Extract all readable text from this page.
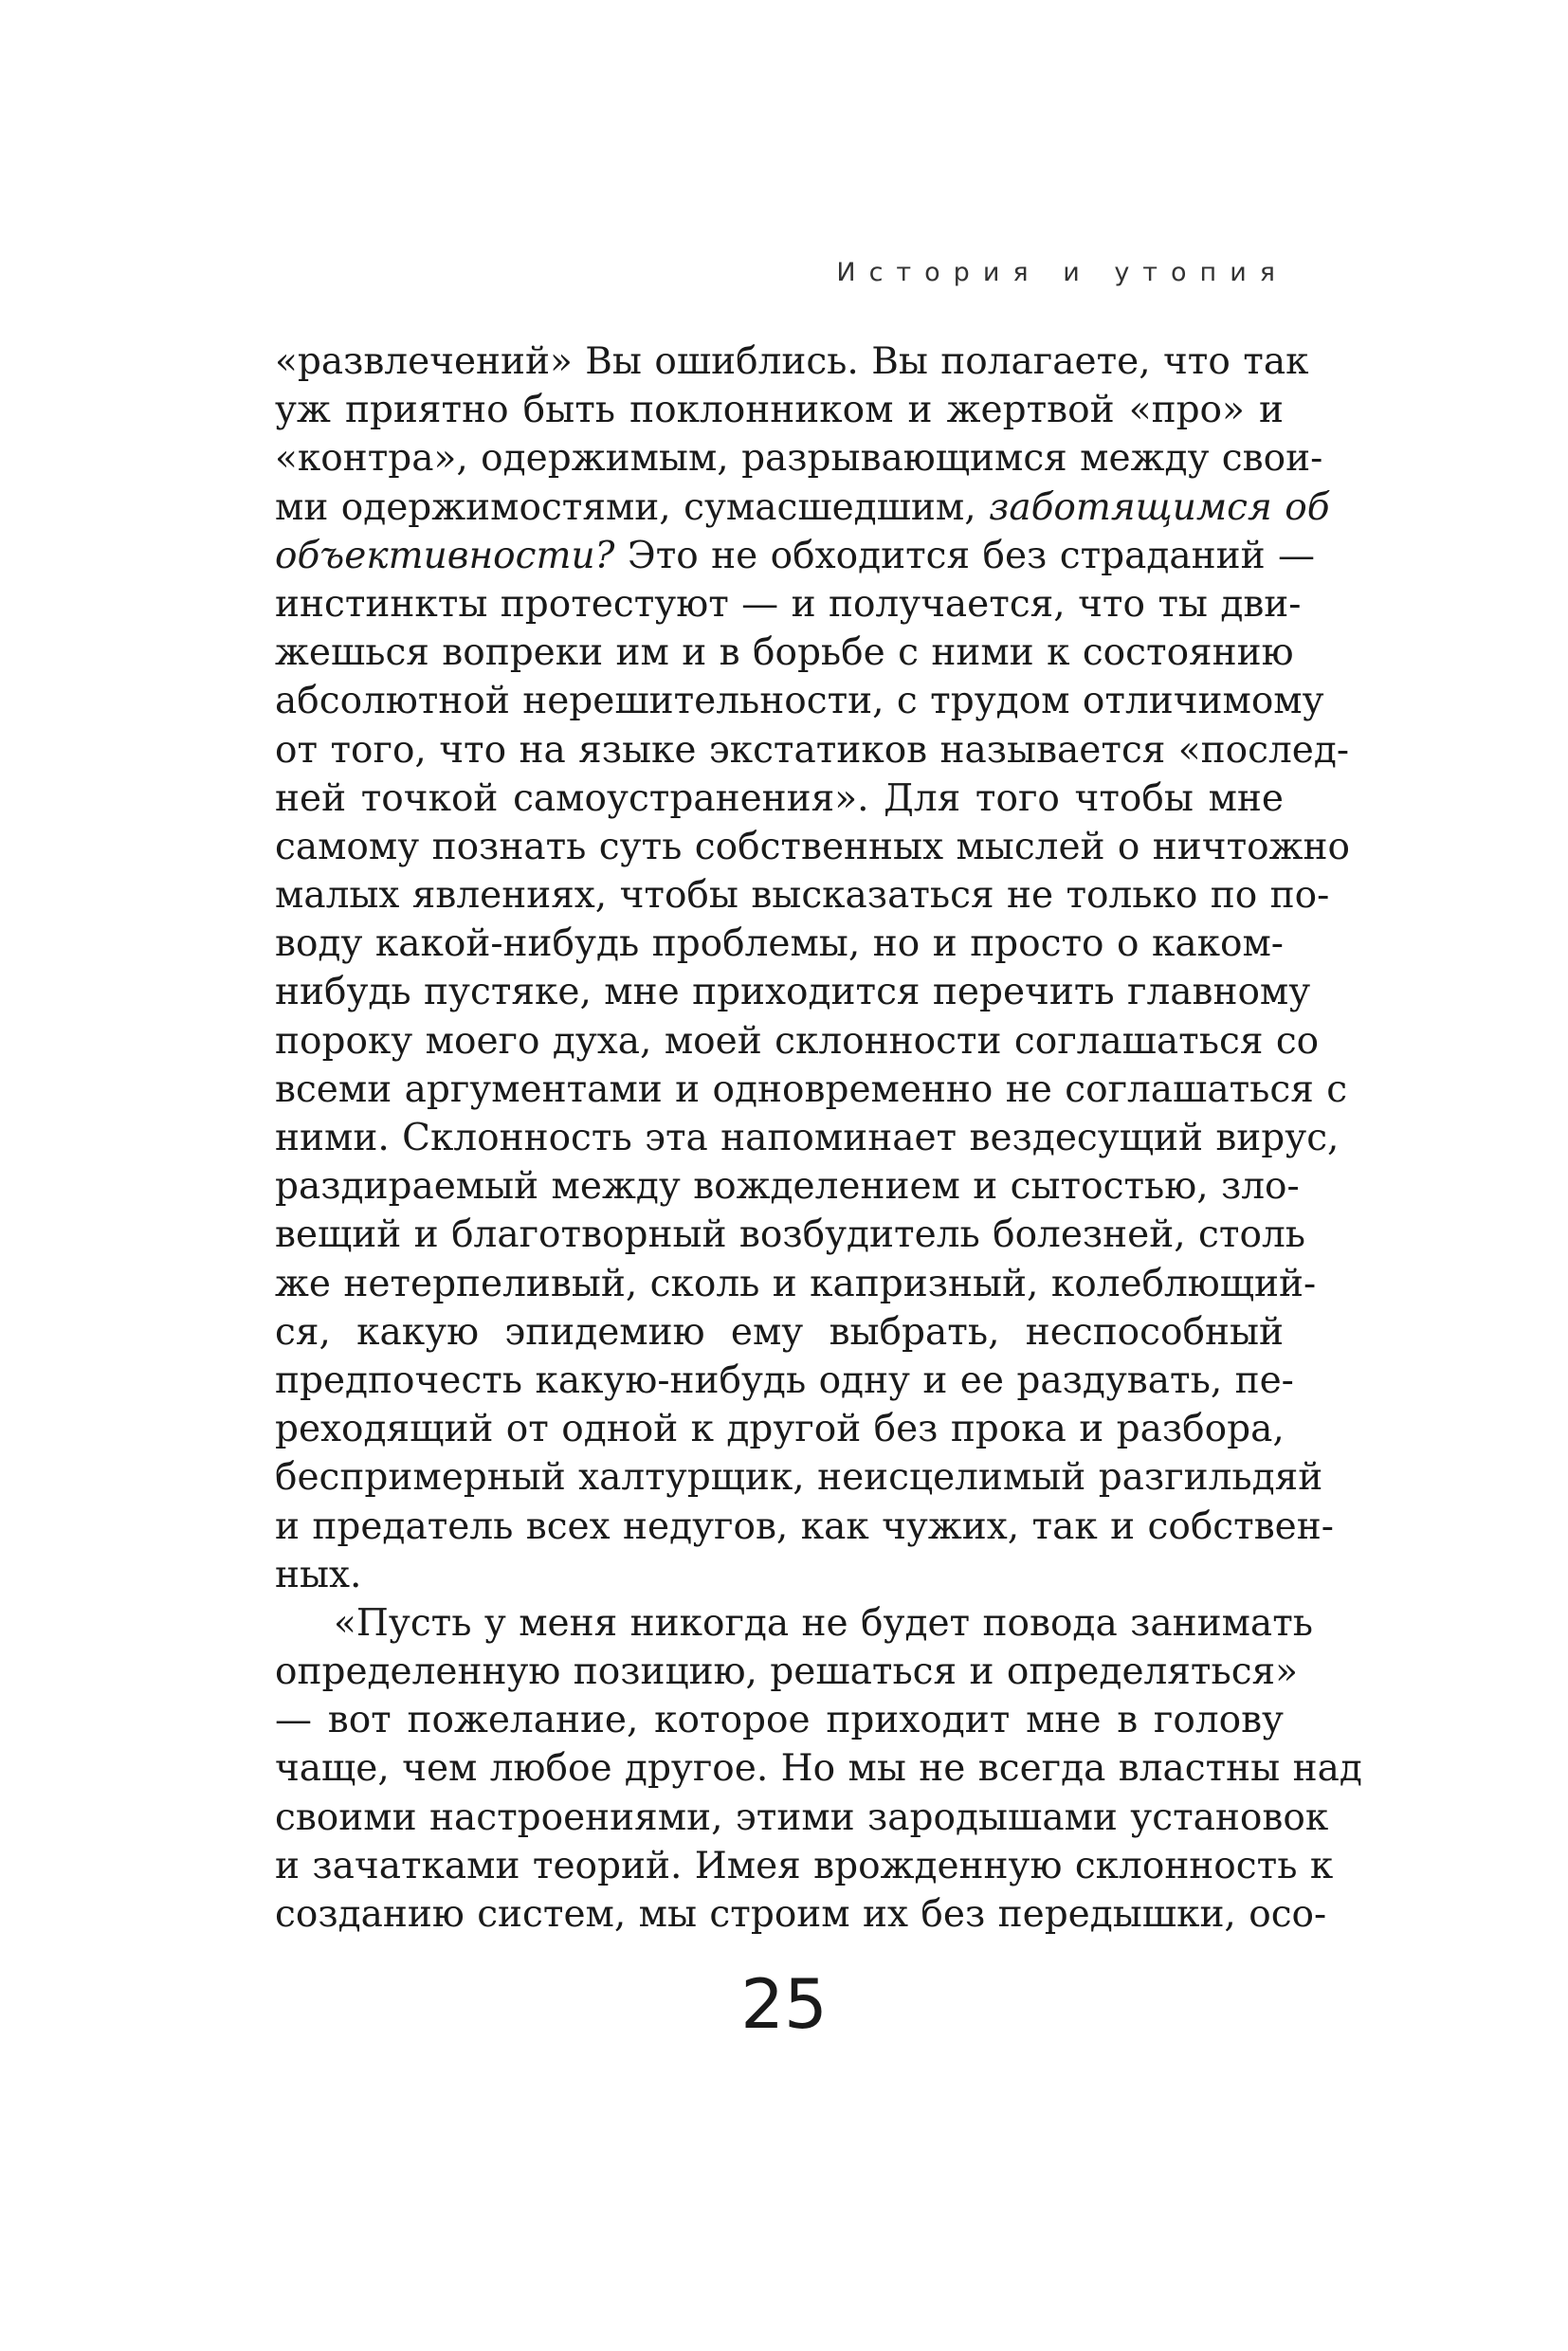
История и утопия
«развлечений» Вы ошиблись. Вы полагаете, что так
уж приятно быть поклонником и жертвой «про» и
«контра», одержимым, разрывающимся между свои-
ми одержимостями, сумасшедшим, заботящимся об
объективности? Это не обходится без страданий —
инстинкты протестуют — и получается, что ты дви-
жешься вопреки им и в борьбе с ними к состоянию
абсолютной нерешительности, с трудом отличимому
от того, что на языке экстатиков называется «послед-
ней точкой самоустранения». Для того чтобы мне
самому познать суть собственных мыслей о ничтожно
малых явлениях, чтобы высказаться не только по по-
воду какой-нибудь проблемы, но и просто о каком-
нибудь пустяке, мне приходится перечить главному
пороку моего духа, моей склонности соглашаться со
всеми аргументами и одновременно не соглашаться с
ними. Склонность эта напоминает вездесущий вирус,
раздираемый между вожделением и сытостью, зло-
вещий и благотворный возбудитель болезней, столь
же нетерпеливый, сколь и капризный, колеблющий-
ся, какую эпидемию ему выбрать, неспособный
предпочесть какую-нибудь одну и ее раздувать, пе-
реходящий от одной к другой без прока и разбора,
беспримерный халтурщик, неисцелимый разгильдяй
и предатель всех недугов, как чужих, так и собствен-
ных.
«Пусть у меня никогда не будет повода занимать
определенную позицию, решаться и определяться»
— вот пожелание, которое приходит мне в голову
чаще, чем любое другое. Но мы не всегда властны над
своими настроениями, этими зародышами установок
и зачатками теорий. Имея врожденную склонность к
созданию систем, мы строим их без передышки, осо-
25
